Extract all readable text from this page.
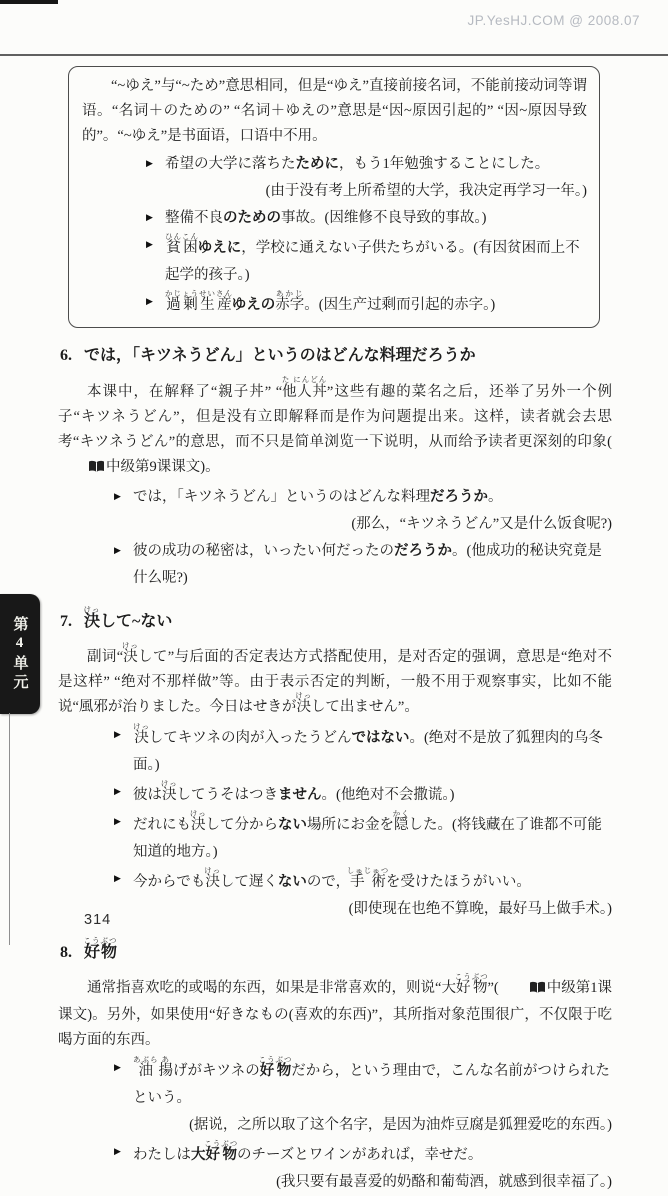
JP.YesHJ.COM @ 2008.07

“~ゆえ”与“~ため”意思相同，但是“ゆえ”直接前接名词，不能前接动词等谓语。“名词＋のための” “名词＋ゆえの”意思是“因~原因引起的” “因~原因导致的”。“~ゆえ”是书面语，口语中不用。

▶ 希望の大学に落ちたために，もう1年勉強することにした。
(由于没有考上所希望的大学，我决定再学习一年。)
▶ 整備不良のための事故。(因维修不良导致的事故。)
▶ 貧困ひんこんゆえに，学校に通えない子供たちがいる。(有因贫困而上不起学的孩子。)
▶ 過剰生産かじょうせいさんゆえの赤字あかじ。(因生产过剩而引起的赤字。)
6. では，「キツネうどん」というのはどんな料理だろうか

本课中，在解释了“親子丼” “他人丼た にんどん”这些有趣的菜名之后，还举了另外一个例子“キツネうどん”，但是没有立即解释而是作为问题提出来。这样，读者就会去思考“キツネうどん”的意思，而不只是简单浏览一下说明，从而给予读者更深刻的印象(中级第9课课文)。

▶ では，「キツネうどん」というのはどんな料理だろうか。
(那么，“キツネうどん”又是什么饭食呢?)
▶ 彼の成功の秘密は，いったい何だったのだろうか。(他成功的秘诀究竟是什么呢?)
7. 決けっして~ない

副词“決けっして”与后面的否定表达方式搭配使用，是对否定的强调，意思是“绝对不是这样” “绝对不那样做”等。由于表示否定的判断，一般不用于观察事实，比如不能说“風邪が治りました。今日はせきが決けっして出ません”。

▶ 決けっしてキツネの肉が入ったうどんではない。(绝对不是放了狐狸肉的乌冬面。)
▶ 彼は決けっしてうそはつきません。(他绝对不会撒谎。)
▶ だれにも決けっして分からない場所にお金を隠かくした。(将钱藏在了谁都不可能知道的地方。)
▶ 今からでも決けっして遅くないので，手術しゅじゅつを受けたほうがいい。
(即使现在也绝不算晚，最好马上做手术。)
8. 好物こうぶつ

通常指喜欢吃的或喝的东西，如果是非常喜欢的，则说“大好物こうぶつ”(	中级第1课课文)。另外，如果使用“好きなもの(喜欢的东西)”，其所指对象范围很广，不仅限于吃喝方面的东西。

▶ 油あぶら揚あげがキツネの好物こうぶつだから，という理由で，こんな名前がつけられたという。
(据说，之所以取了这个名字，是因为油炸豆腐是狐狸爱吃的东西。)
▶ わたしは大好物こうぶつのチーズとワインがあれば，幸せだ。
(我只要有最喜爱的奶酪和葡萄酒，就感到很幸福了。)
第4单元
314
